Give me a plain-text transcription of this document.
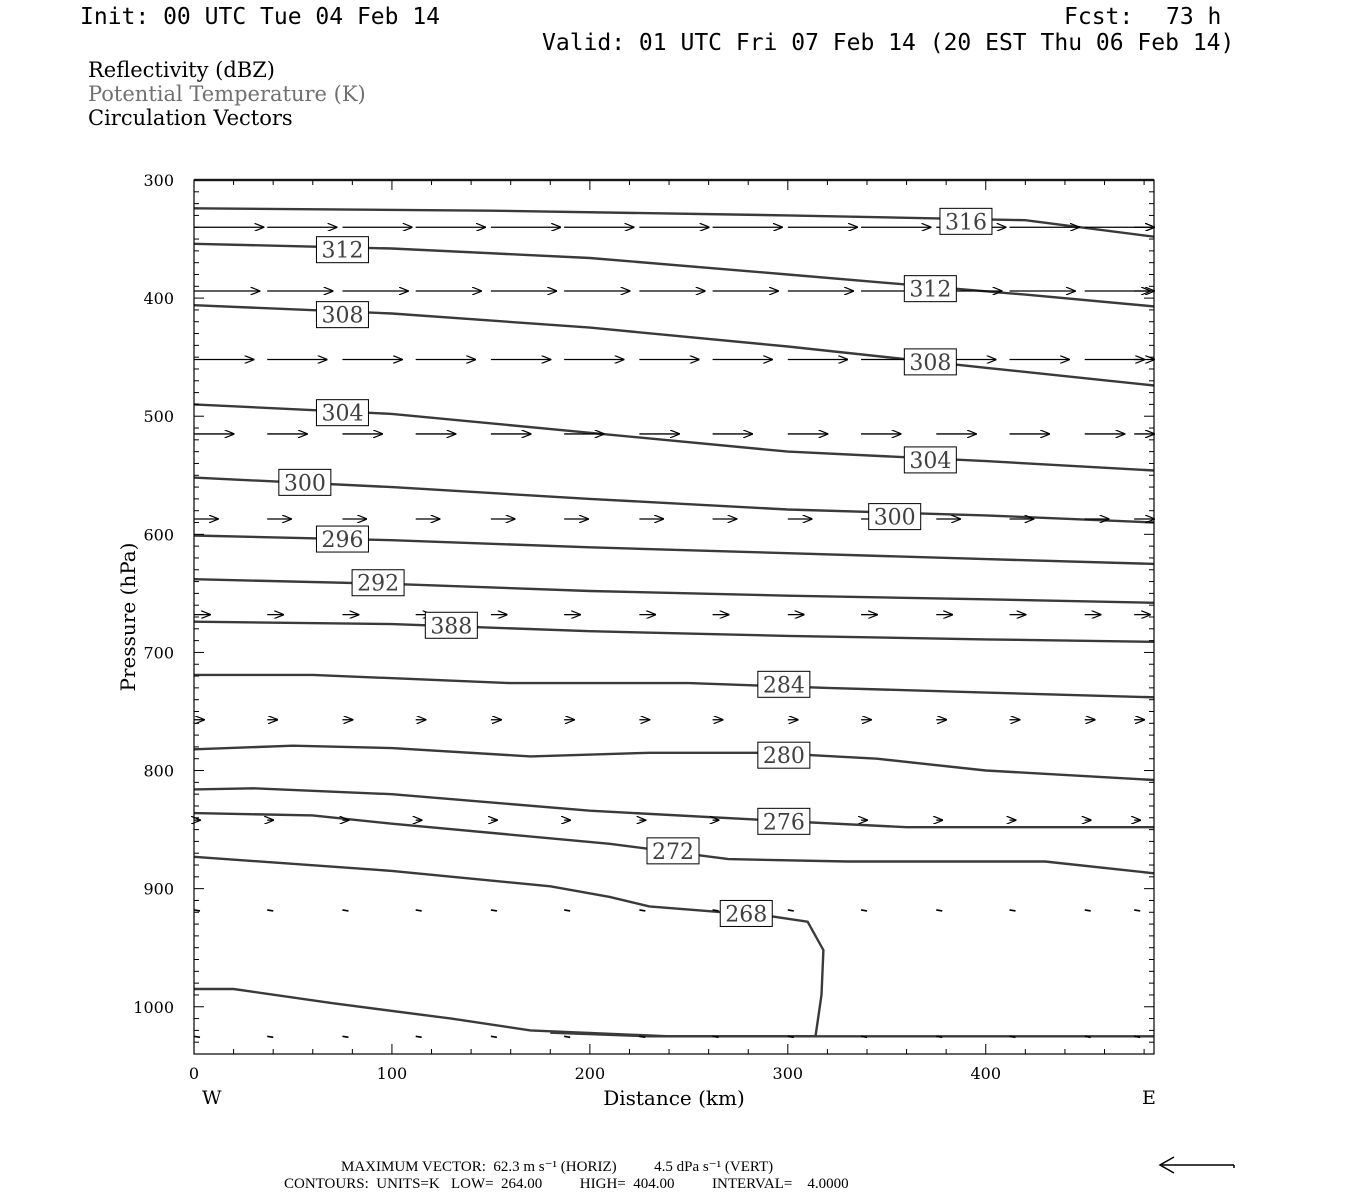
Init: 00 UTC Tue 04 Feb 14	Fcst: 73 h
Valid: 01 UTC Fri 07 Feb 14 (20 EST Thu 06 Feb 14)
Reflectivity (dBZ)
Potential Temperature (K)
Circulation Vectors
300
400
500
600
700
800
900
1000
0	100	200	300	400
316
312
312
308
308
304
304
300
300
296
292
388
284
280
276
272
268
W	E
Distance (km)
Pressure (hPa)
MAXIMUM VECTOR:  62.3 m s⁻¹ (HORIZ)          4.5 dPa s⁻¹ (VERT)
CONTOURS:  UNITS=K   LOW=  264.00          HIGH=  404.00          INTERVAL=    4.0000
